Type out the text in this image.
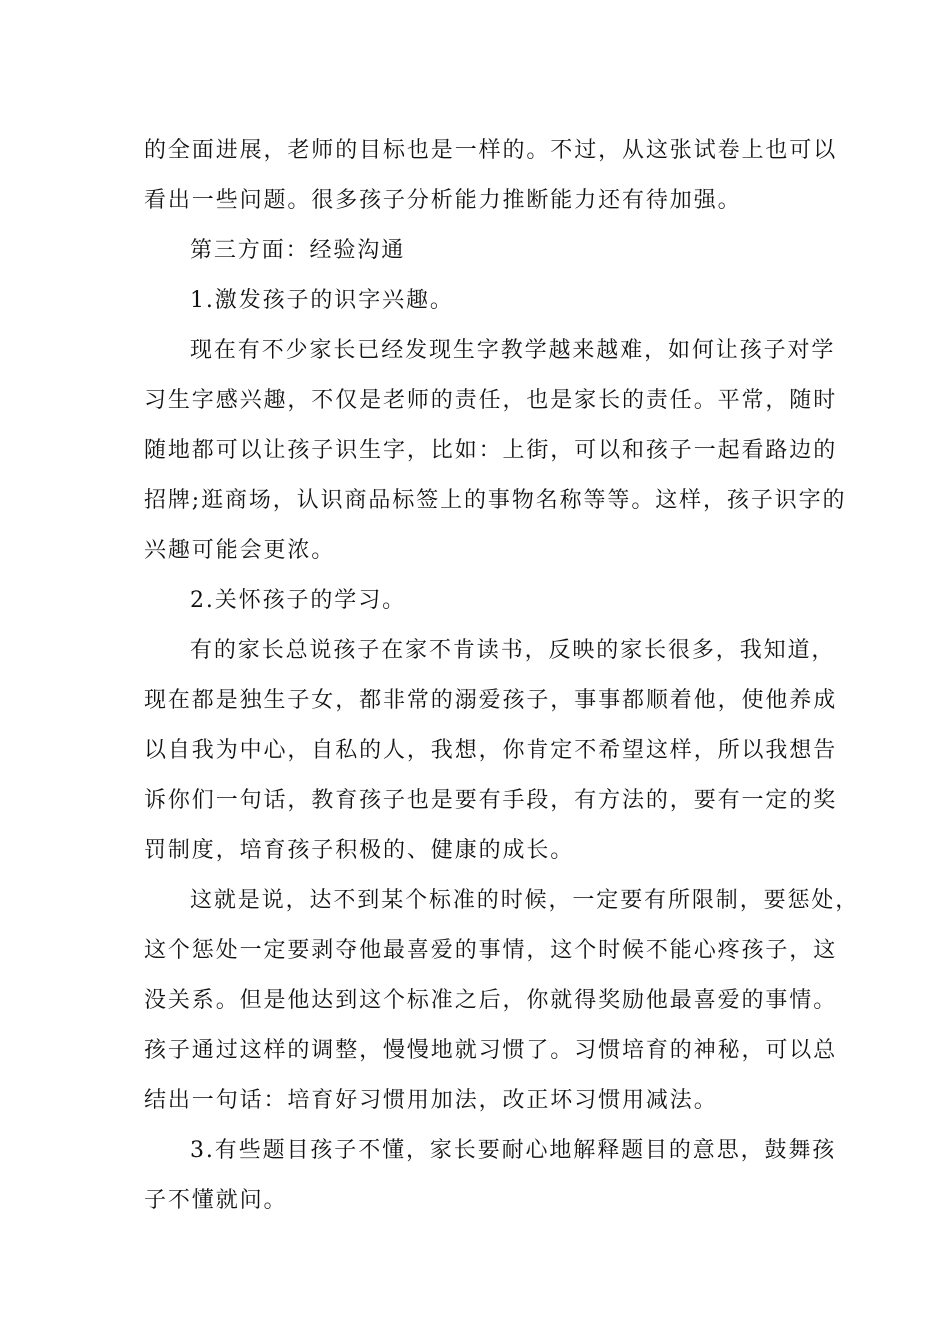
的全面进展，老师的目标也是一样的。不过，从这张试卷上也可以
看出一些问题。很多孩子分析能力推断能力还有待加强。
第三方面：经验沟通
1.激发孩子的识字兴趣。
现在有不少家长已经发现生字教学越来越难，如何让孩子对学
习生字感兴趣，不仅是老师的责任，也是家长的责任。平常，随时
随地都可以让孩子识生字，比如：上街，可以和孩子一起看路边的
招牌;逛商场，认识商品标签上的事物名称等等。这样，孩子识字的
兴趣可能会更浓。
2.关怀孩子的学习。
有的家长总说孩子在家不肯读书，反映的家长很多，我知道，
现在都是独生子女，都非常的溺爱孩子，事事都顺着他，使他养成
以自我为中心，自私的人，我想，你肯定不希望这样，所以我想告
诉你们一句话，教育孩子也是要有手段，有方法的，要有一定的奖
罚制度，培育孩子积极的、健康的成长。
这就是说，达不到某个标准的时候，一定要有所限制，要惩处，
这个惩处一定要剥夺他最喜爱的事情，这个时候不能心疼孩子，这
没关系。但是他达到这个标准之后，你就得奖励他最喜爱的事情。
孩子通过这样的调整，慢慢地就习惯了。习惯培育的神秘，可以总
结出一句话：培育好习惯用加法，改正坏习惯用减法。
3.有些题目孩子不懂，家长要耐心地解释题目的意思，鼓舞孩
子不懂就问。
